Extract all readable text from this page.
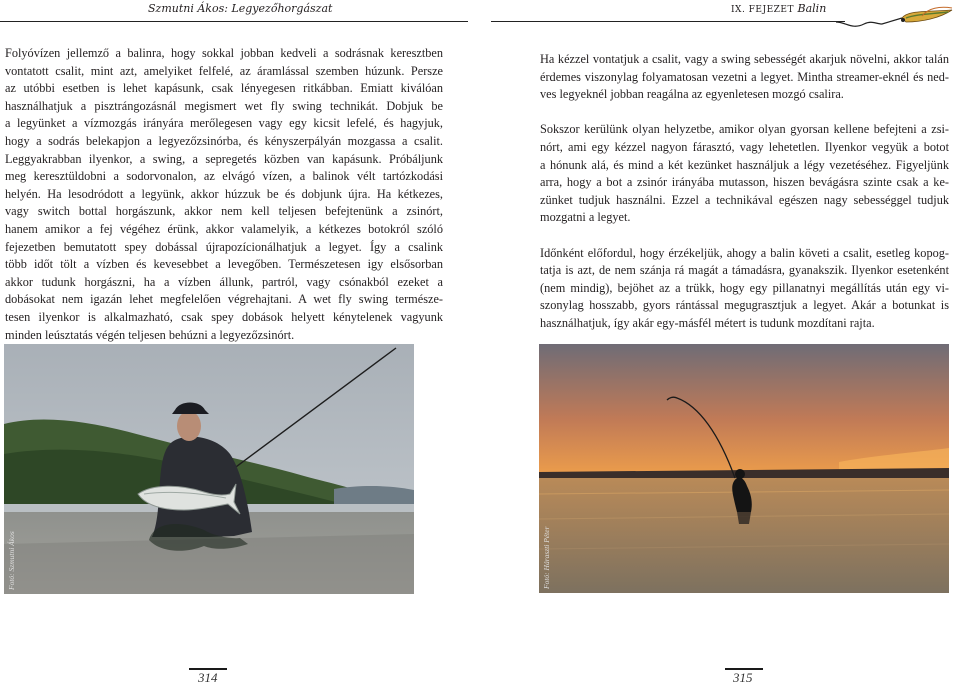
Szmutni Ákos: Legyezőhorgászat	IX. FEJEZET Balin

Folyóvízen jellemző a balinra, hogy sokkal jobban kedveli a sodrásnak keresztben

vontatott csalit, mint azt, amelyiket felfelé, az áramlással szemben húzunk. Persze

az utóbbi esetben is lehet kapásunk, csak lényegesen ritkábban. Emiatt kiválóan

használhatjuk a pisztrángozásnál megismert wet fly swing technikát. Dobjuk be

a legyünket a vízmozgás irányára merőlegesen vagy egy kicsit lefelé, és hagyjuk,

hogy a sodrás belekapjon a legyezőzsinórba, és kényszerpályán mozgassa a csalit.

Leggyakrabban ilyenkor, a swing, a sepregetés közben van kapásunk. Próbáljunk

meg keresztüldobni a sodorvonalon, az elvágó vízen, a balinok vélt tartózkodási

helyén. Ha lesodródott a legyünk, akkor húzzuk be és dobjunk újra. Ha kétkezes,

vagy switch bottal horgászunk, akkor nem kell teljesen befejtenünk a zsinórt,

hanem amikor a fej végéhez érünk, akkor valamelyik, a kétkezes botokról szóló

fejezetben bemutatott spey dobással újrapozícionálhatjuk a legyet. Így a csalink

több időt tölt a vízben és kevesebbet a levegőben. Természetesen igy elsősorban

akkor tudunk horgászni, ha a vízben állunk, partról, vagy csónakból ezeket a

dobásokat nem igazán lehet megfelelően végrehajtani. A wet fly swing természe-

tesen ilyenkor is alkalmazható, csak spey dobások helyett kénytelenek vagyunk

minden leúsztatás végén teljesen behúzni a legyezőzsinórt.

Ha kézzel vontatjuk a csalit, vagy a swing sebességét akarjuk növelni, akkor talán

érdemes viszonylag folyamatosan vezetni a legyet. Mintha streamer-eknél és ned-

ves legyeknél jobban reagálna az egyenletesen mozgó csalira.

Sokszor kerülünk olyan helyzetbe, amikor olyan gyorsan kellene befejteni a zsi-

nórt, ami egy kézzel nagyon fárasztó, vagy lehetetlen. Ilyenkor vegyük a botot

a hónunk alá, és mind a két kezünket használjuk a légy vezetéséhez. Figyeljünk

arra, hogy a bot a zsinór irányába mutasson, hiszen bevágásra szinte csak a ke-

zünket tudjuk használni. Ezzel a technikával egészen nagy sebességgel tudjuk

mozgatni a legyet.

Időnként előfordul, hogy érzékeljük, ahogy a balin követi a csalit, esetleg kopog-

tatja is azt, de nem szánja rá magát a támadásra, gyanakszik. Ilyenkor esetenként

(nem mindig), bejöhet az a trükk, hogy egy pillanatnyi megállítás után egy vi-

szonylag hosszabb, gyors rántással megugrasztjuk a legyet. Akár a botunkat is

használhatjuk, így akár egy-másfél métert is tudunk mozdítani rajta.

Fotó: Szmutni Ákos	Fotó: Háraszti Péter
314	315
